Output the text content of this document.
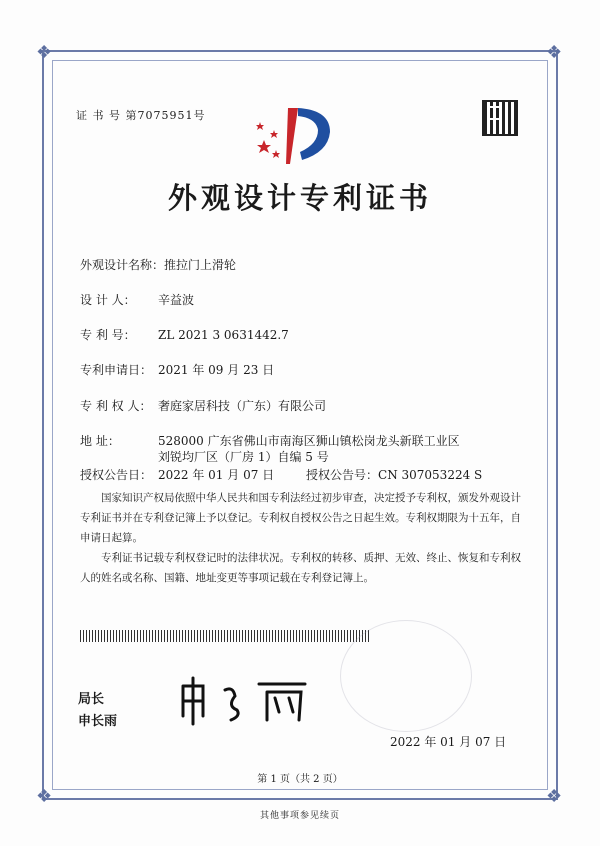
❖	❖
❖	❖
证 书 号 第7075951号
外观设计专利证书
外观设计名称：推拉门上滑轮
设 计 人： 辛益波
专 利 号： ZL 2021 3 0631442.7
专利申请日： 2021 年 09 月 23 日
专 利 权 人： 奢庭家居科技（广东）有限公司
地 址：	528000 广东省佛山市南海区狮山镇松岗龙头新联工业区
刘锐均厂区（厂房 1）自编 5 号
授权公告日： 2022 年 01 月 07 日	授权公告号：CN 307053224 S
国家知识产权局依照中华人民共和国专利法经过初步审查，决定授予专利权，颁发外观设计专利证书并在专利登记簿上予以登记。专利权自授权公告之日起生效。专利权期限为十五年，自申请日起算。
专利证书记载专利权登记时的法律状况。专利权的转移、质押、无效、终止、恢复和专利权人的姓名或名称、国籍、地址变更等事项记载在专利登记簿上。
局长
申长雨
2022 年 01 月 07 日
第 1 页（共 2 页）
其他事项参见续页
